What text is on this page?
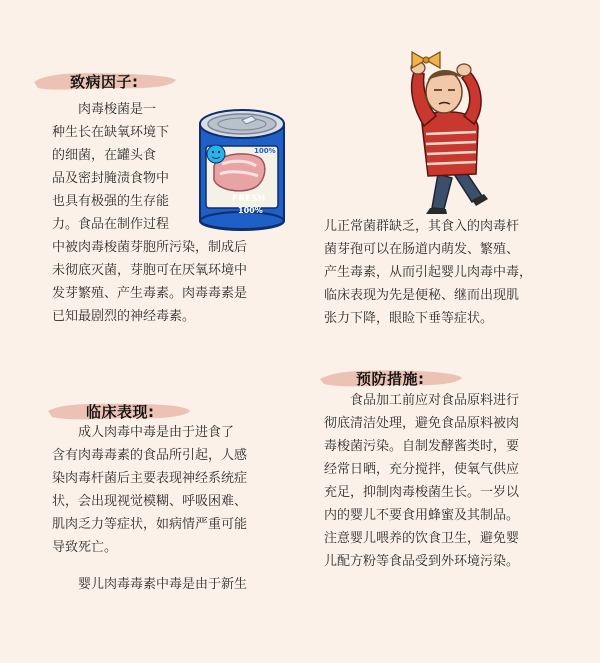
致病因子:

肉毒梭菌是一

种生长在缺氧环境下

的细菌，在罐头食

品及密封腌渍食物中

也具有极强的生存能

力。食品在制作过程

中被肉毒梭菌芽胞所污染，制成后

未彻底灭菌，芽胞可在厌氧环境中

发芽繁殖、产生毒素。肉毒毒素是

已知最剧烈的神经毒素。

100%
FRESH
100%
临床表现:

成人肉毒中毒是由于进食了

含有肉毒毒素的食品所引起，人感

染肉毒杆菌后主要表现神经系统症

状，会出现视觉模糊、呼吸困难、

肌肉乏力等症状，如病情严重可能

导致死亡。

婴儿肉毒毒素中毒是由于新生

儿正常菌群缺乏，其食入的肉毒杆

菌芽孢可以在肠道内萌发、繁殖、

产生毒素，从而引起婴儿肉毒中毒，

临床表现为先是便秘、继而出现肌

张力下降，眼睑下垂等症状。

预防措施:

食品加工前应对食品原料进行

彻底清洁处理，避免食品原料被肉

毒梭菌污染。自制发酵酱类时，要

经常日晒，充分搅拌，使氧气供应

充足，抑制肉毒梭菌生长。一岁以

内的婴儿不要食用蜂蜜及其制品。

注意婴儿喂养的饮食卫生，避免婴

儿配方粉等食品受到外环境污染。
